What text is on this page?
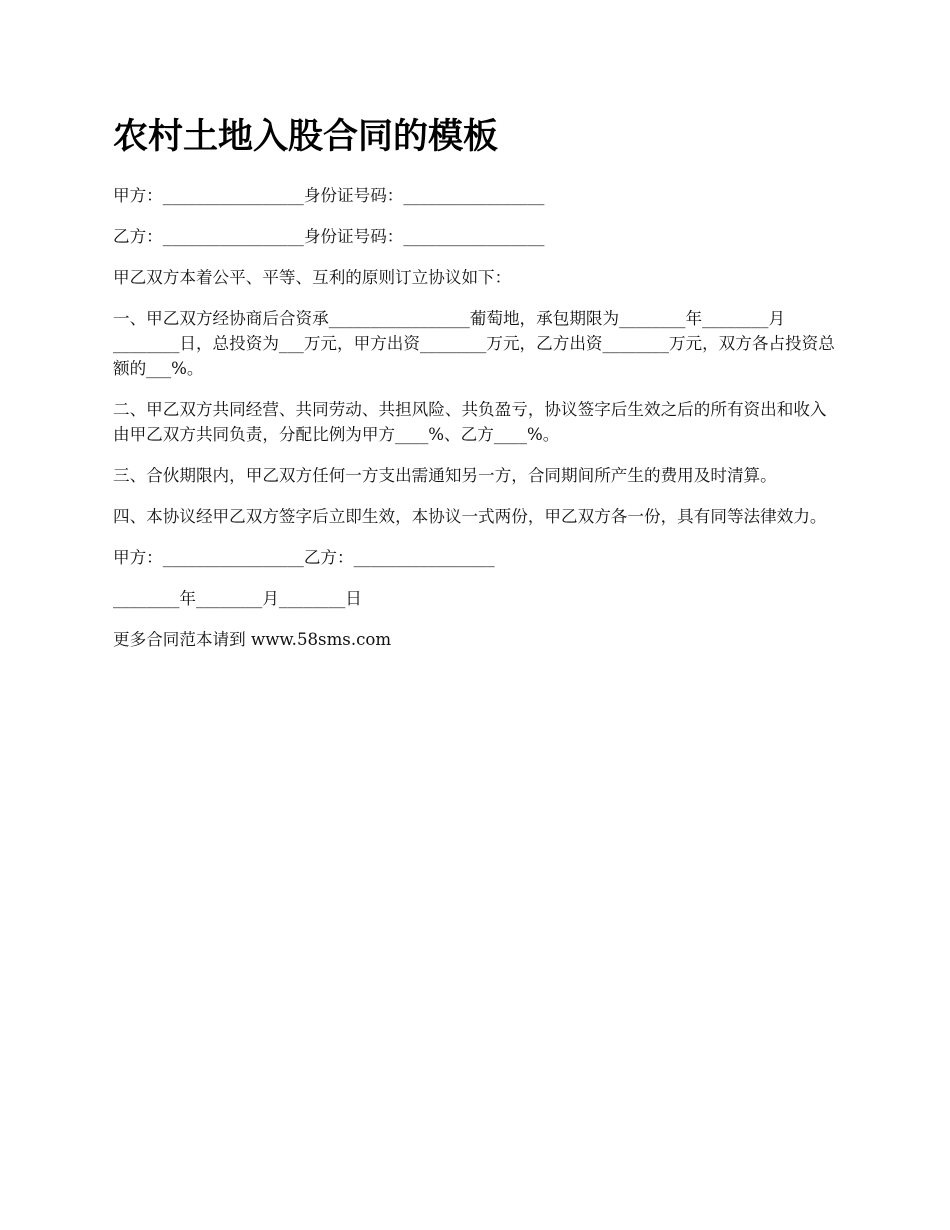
农村土地入股合同的模板

甲方：_________________身份证号码：_________________

乙方：_________________身份证号码：_________________

甲乙双方本着公平、平等、互利的原则订立协议如下：

一、甲乙双方经协商后合资承_________________葡萄地，承包期限为________年________月________日，总投资为___万元，甲方出资________万元，乙方出资________万元，双方各占投资总额的___%。

二、甲乙双方共同经营、共同劳动、共担风险、共负盈亏，协议签字后生效之后的所有资出和收入由甲乙双方共同负责，分配比例为甲方____%、乙方____%。

三、合伙期限内，甲乙双方任何一方支出需通知另一方，合同期间所产生的费用及时清算。

四、本协议经甲乙双方签字后立即生效，本协议一式两份，甲乙双方各一份，具有同等法律效力。

甲方：_________________乙方：_________________

________年________月________日

更多合同范本请到 www.58sms.com
